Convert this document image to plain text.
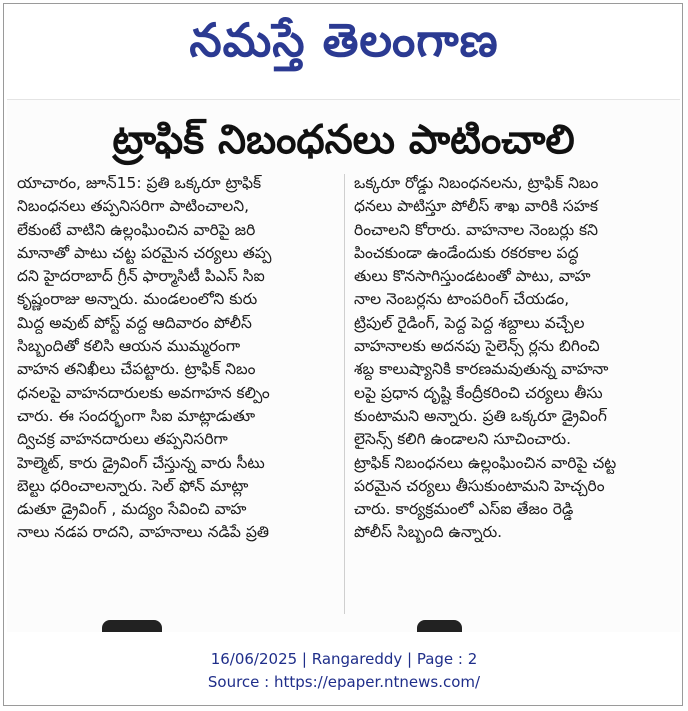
నమస్తే తెలంగాణ
ట్రాఫిక్ నిబంధనలు పాటించాలి
యాచారం, జూన్15: ప్రతి ఒక్కరూ ట్రాఫిక్
నిబంధనలు తప్పనిసరిగా పాటించాలని,
లేకుంటే వాటిని ఉల్లంఘించిన వారిపై జరి
మానాతో పాటు చట్ట పరమైన చర్యలు తప్ప
దని హైదరాబాద్ గ్రీన్ ఫార్మాసిటీ పిఎస్ సిఐ
కృష్ణంరాజు అన్నారు. మండలంలోని కురు
మిద్ద అవుట్ పోస్ట్ వద్ద ఆదివారం పోలీస్
సిబ్బందితో కలిసి ఆయన ముమ్మరంగా
వాహన తనిఖీలు చేపట్టారు. ట్రాఫిక్ నిబం
ధనలపై వాహనదారులకు అవగాహన కల్పిం
చారు. ఈ సందర్భంగా సిఐ మాట్లాడుతూ
ద్విచక్ర వాహనదారులు తప్పనిసరిగా
హెల్మెట్, కారు డ్రైవింగ్ చేస్తున్న వారు సీటు
బెల్టు ధరించాలన్నారు. సెల్ ఫోన్ మాట్లా
డుతూ డ్రైవింగ్ , మద్యం సేవించి వాహ
నాలు నడప రాదని, వాహనాలు నడిపే ప్రతి
ఒక్కరూ రోడ్డు నిబంధనలను, ట్రాఫిక్ నిబం
ధనలు పాటిస్తూ పోలీస్ శాఖ వారికి సహక
రించాలని కోరారు. వాహనాల నెంబర్లు కని
పించకుండా ఉండేందుకు రకరకాల పద్ధ
తులు కొనసాగిస్తుండటంతో పాటు, వాహ
నాల నెంబర్లను టాంపరింగ్ చేయడం,
ట్రిపుల్ రైడింగ్, పెద్ద పెద్ద శబ్దాలు వచ్చేల
వాహనాలకు అదనపు సైలెన్స్ ర్లను బిగించి
శబ్ద కాలుష్యానికి కారణమవుతున్న వాహనా
లపై ప్రధాన దృష్టి కేంద్రీకరించి చర్యలు తీసు
కుంటామని అన్నారు. ప్రతి ఒక్కరూ డ్రైవింగ్
లైసెన్స్ కలిగి ఉండాలని సూచించారు.
ట్రాఫిక్ నిబంధనలు ఉల్లంఘించిన వారిపై చట్ట
పరమైన చర్యలు తీసుకుంటామని హెచ్చరిం
చారు. కార్యక్రమంలో ఎస్ఐ తేజం రెడ్డి
పోలీస్ సిబ్బంది ఉన్నారు.
16/06/2025 | Rangareddy | Page : 2
Source : https://epaper.ntnews.com/
